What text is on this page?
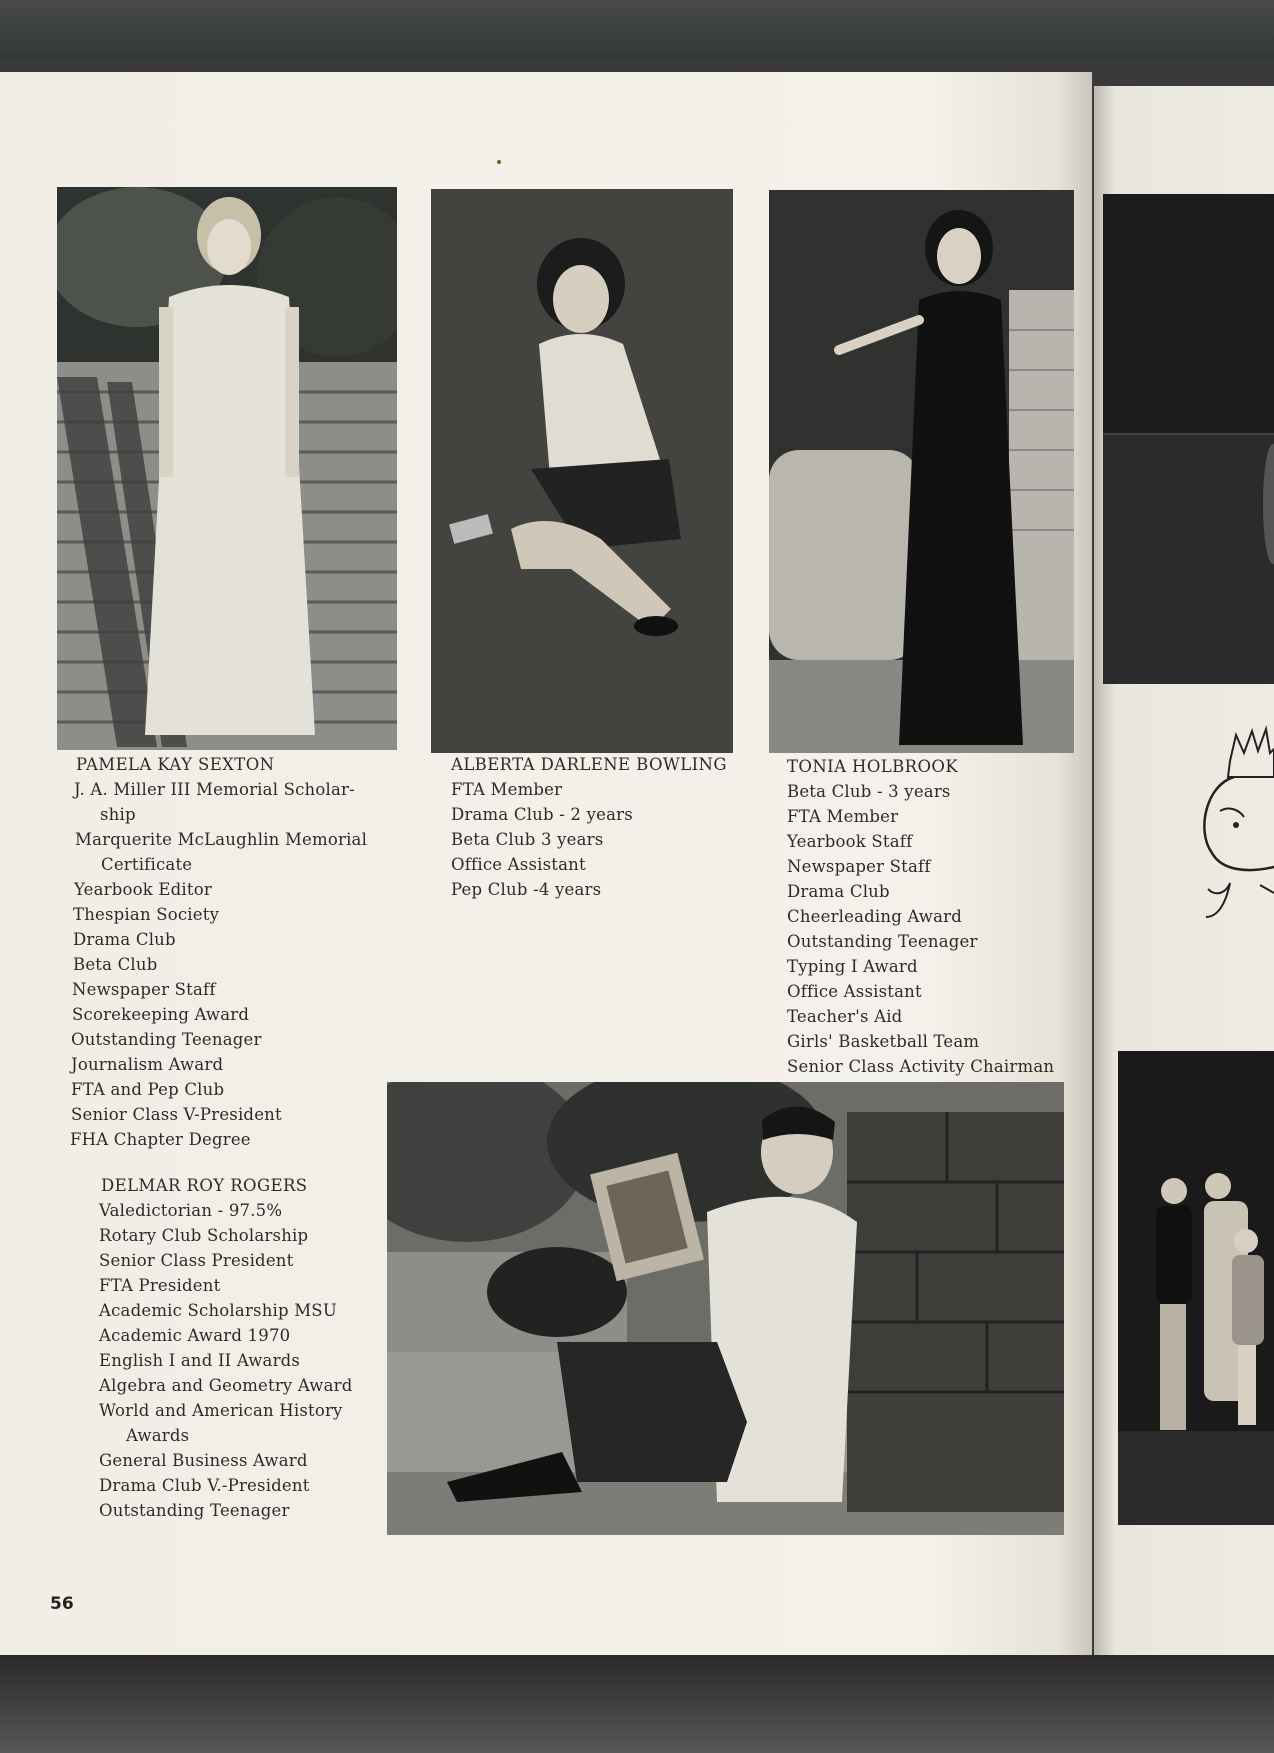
PAMELA KAY SEXTON
J. A. Miller III Memorial Scholar-
ship
Marquerite McLaughlin Memorial
Certificate
Yearbook Editor
Thespian Society
Drama Club
Beta Club
Newspaper Staff
Scorekeeping Award
Outstanding Teenager
Journalism Award
FTA and Pep Club
Senior Class V-President
FHA Chapter Degree
ALBERTA DARLENE BOWLING
FTA Member
Drama Club - 2 years
Beta Club 3 years
Office Assistant
Pep Club -4 years
TONIA HOLBROOK
Beta Club - 3 years
FTA Member
Yearbook Staff
Newspaper Staff
Drama Club
Cheerleading Award
Outstanding Teenager
Typing I Award
Office Assistant
Teacher's Aid
Girls' Basketball Team
Senior Class Activity Chairman
DELMAR ROY ROGERS
Valedictorian - 97.5%
Rotary Club Scholarship
Senior Class President
FTA President
Academic Scholarship MSU
Academic Award 1970
English I and II Awards
Algebra and Geometry Award
World and American History
Awards
General Business Award
Drama Club V.-President
Outstanding Teenager
56
